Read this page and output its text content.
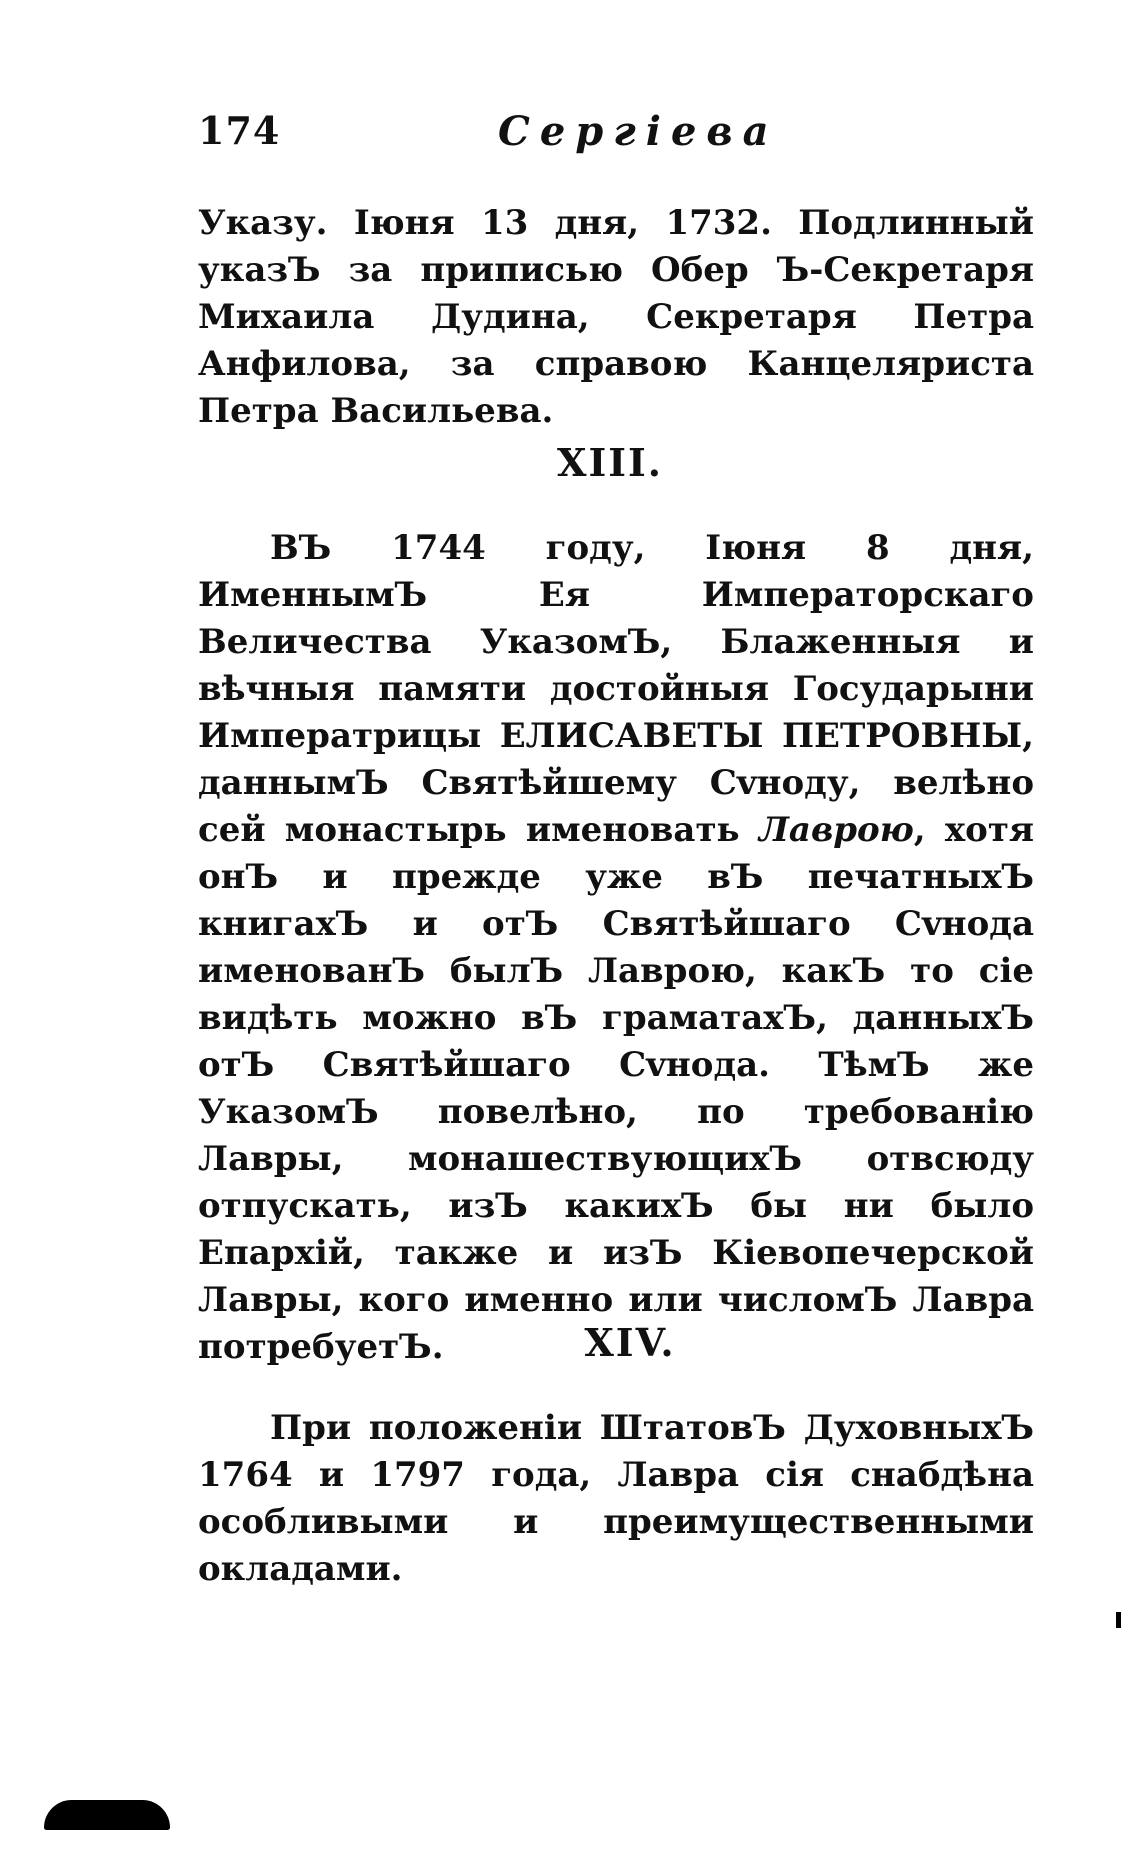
174	Сергiева
Указу. Iюня 13 дня, 1732. Подлинный указЪ за приписью Обер Ъ-Секретаря Михаила Дудина, Секретаря Петра Анфилова, за справою Канцеляриста Петра Васильева.
XIII.
ВЪ 1744 году, Iюня 8 дня, ИменнымЪ Ея Императорскаго Величества УказомЪ, Блаженныя и вѣчныя памяти достойныя Государыни Императрицы ЕЛИСАВЕТЫ ПЕТРОВНЫ, даннымЪ Святѣйшему Сvноду, велѣно сей монастырь именовать Лаврою, хотя онЪ и прежде уже вЪ печатныхЪ книгахЪ и отЪ Святѣйшаго Сvнода именованЪ былЪ Лаврою, какЪ то сiе видѣть можно вЪ граматахЪ, данныхЪ отЪ Святѣйшаго Сvнода. ТѣмЪ же УказомЪ повелѣно, по требованiю Лавры, монашествующихЪ отвсюду отпускать, изЪ какихЪ бы ни было Епархiй, также и изЪ Кiевопечерской Лавры, кого именно или числомЪ Лавра потребуетЪ.	XIV.
При положенiи ШтатовЪ ДуховныхЪ 1764 и 1797 года, Лавра сiя снабдѣна особливыми и преимущественными окладами.
